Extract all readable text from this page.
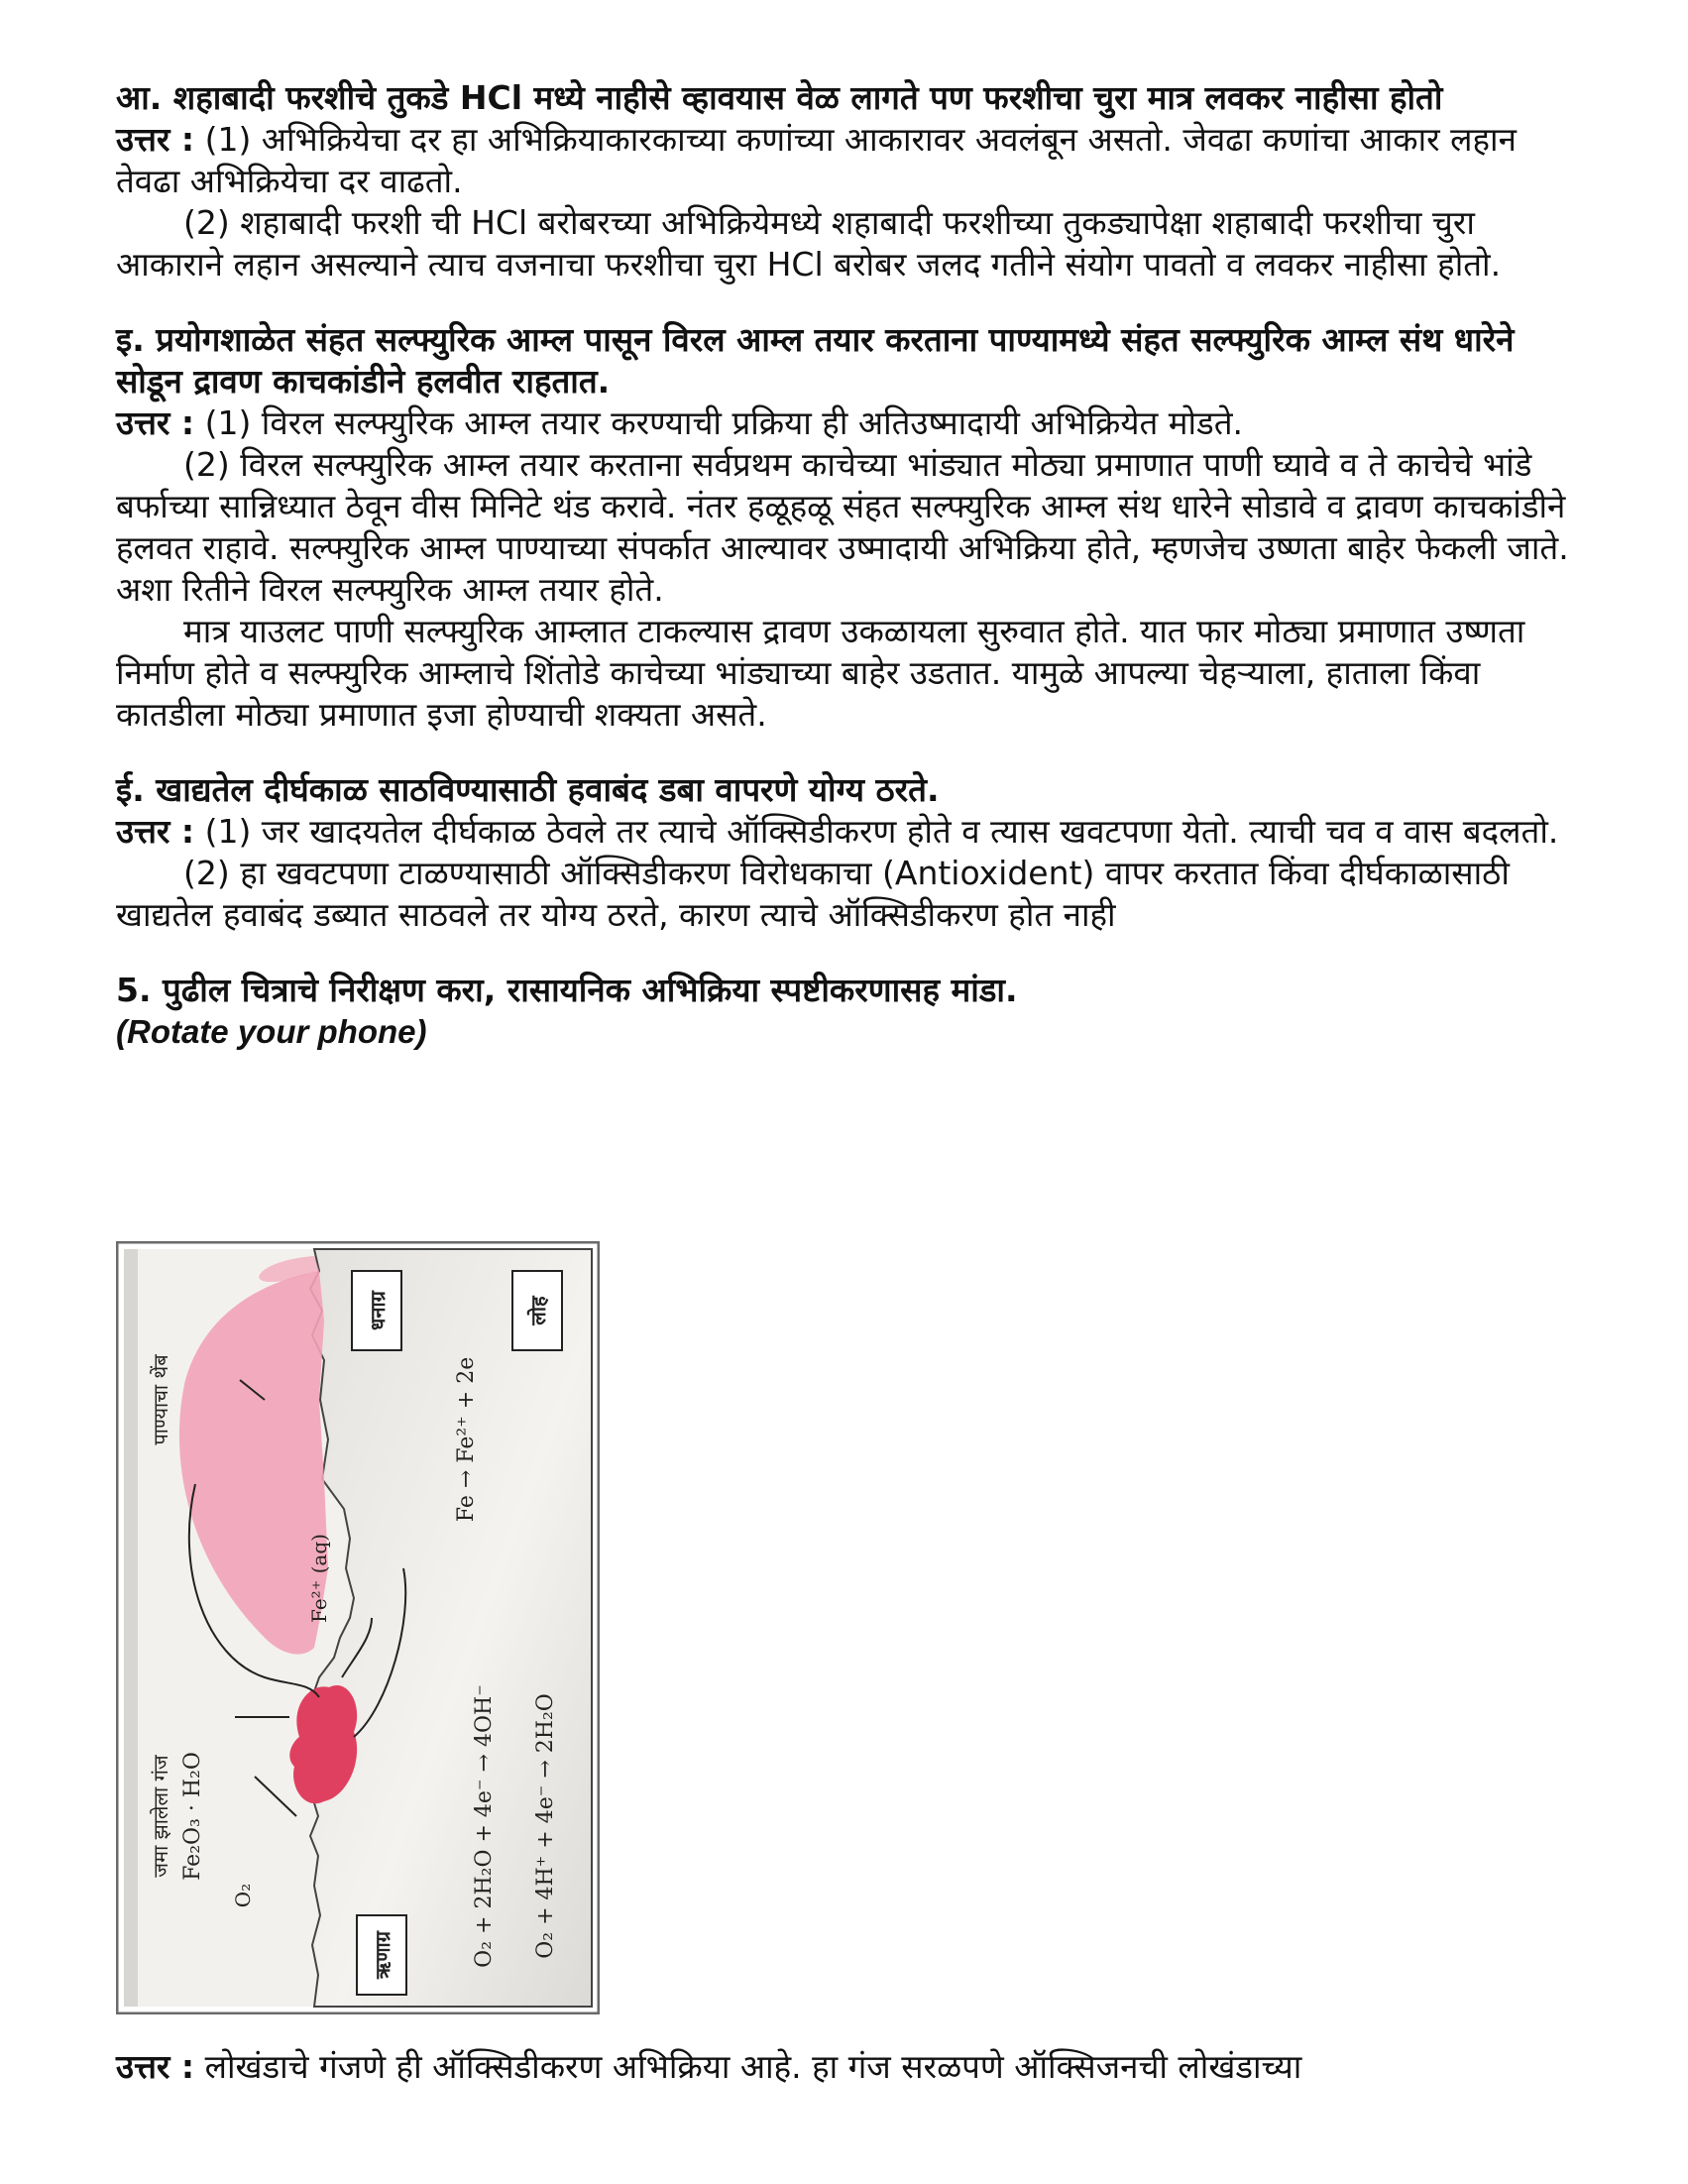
आ. शहाबादी फरशीचे तुकडे HCl मध्ये नाहीसे व्हावयास वेळ लागते पण फरशीचा चुरा मात्र लवकर नाहीसा होतो

उत्तर : (1) अभिक्रियेचा दर हा अभिक्रियाकारकाच्या कणांच्या आकारावर अवलंबून असतो. जेवढा कणांचा आकार लहान तेवढा अभिक्रियेचा दर वाढतो.

(2) शहाबादी फरशी ची HCl बरोबरच्या अभिक्रियेमध्ये शहाबादी फरशीच्या तुकड्यापेक्षा शहाबादी फरशीचा चुरा आकाराने लहान असल्याने त्याच वजनाचा फरशीचा चुरा HCl बरोबर जलद गतीने संयोग पावतो व लवकर नाहीसा होतो.

इ. प्रयोगशाळेत संहत सल्फ्युरिक आम्ल पासून विरल आम्ल तयार करताना पाण्यामध्ये संहत सल्फ्युरिक आम्ल संथ धारेने सोडून द्रावण काचकांडीने हलवीत राहतात.

उत्तर : (1) विरल सल्फ्युरिक आम्ल तयार करण्याची प्रक्रिया ही अतिउष्मादायी अभिक्रियेत मोडते.

(2) विरल सल्फ्युरिक आम्ल तयार करताना सर्वप्रथम काचेच्या भांड्यात मोठ्या प्रमाणात पाणी घ्यावे व ते काचेचे भांडे बर्फाच्या सान्निध्यात ठेवून वीस मिनिटे थंड करावे. नंतर हळूहळू संहत सल्फ्युरिक आम्ल संथ धारेने सोडावे व द्रावण काचकांडीने हलवत राहावे. सल्फ्युरिक आम्ल पाण्याच्या संपर्कात आल्यावर उष्मादायी अभिक्रिया होते, म्हणजेच उष्णता बाहेर फेकली जाते. अशा रितीने विरल सल्फ्युरिक आम्ल तयार होते.

मात्र याउलट पाणी सल्फ्युरिक आम्लात टाकल्यास द्रावण उकळायला सुरुवात होते. यात फार मोठ्या प्रमाणात उष्णता निर्माण होते व सल्फ्युरिक आम्लाचे शिंतोडे काचेच्या भांड्याच्या बाहेर उडतात. यामुळे आपल्या चेहऱ्याला, हाताला किंवा कातडीला मोठ्या प्रमाणात इजा होण्याची शक्यता असते.

ई. खाद्यतेल दीर्घकाळ साठविण्यासाठी हवाबंद डबा वापरणे योग्य ठरते.

उत्तर : (1) जर खादयतेल दीर्घकाळ ठेवले तर त्याचे ऑक्सिडीकरण होते व त्यास खवटपणा येतो. त्याची चव व वास बदलतो.

(2) हा खवटपणा टाळण्यासाठी ऑक्सिडीकरण विरोधकाचा (Antioxident) वापर करतात किंवा दीर्घकाळासाठी खाद्यतेल हवाबंद डब्यात साठवले तर योग्य ठरते, कारण त्याचे ऑक्सिडीकरण होत नाही

5. पुढील चित्राचे निरीक्षण करा, रासायनिक अभिक्रिया स्पष्टीकरणासह मांडा.

(Rotate your phone)

पाण्याचा थेंब
धनाग्र	लोह
ऋणाग्र
जमा झालेला गंज Fe₂O₃ · H₂O
O₂
Fe²⁺ (aq)
Fe → Fe²⁺ + 2e
O₂ + 2H₂O + 4e⁻ → 4OH⁻ O₂ + 4H⁺ + 4e⁻ → 2H₂O

उत्तर : लोखंडाचे गंजणे ही ऑक्सिडीकरण अभिक्रिया आहे. हा गंज सरळपणे ऑक्सिजनची लोखंडाच्या
